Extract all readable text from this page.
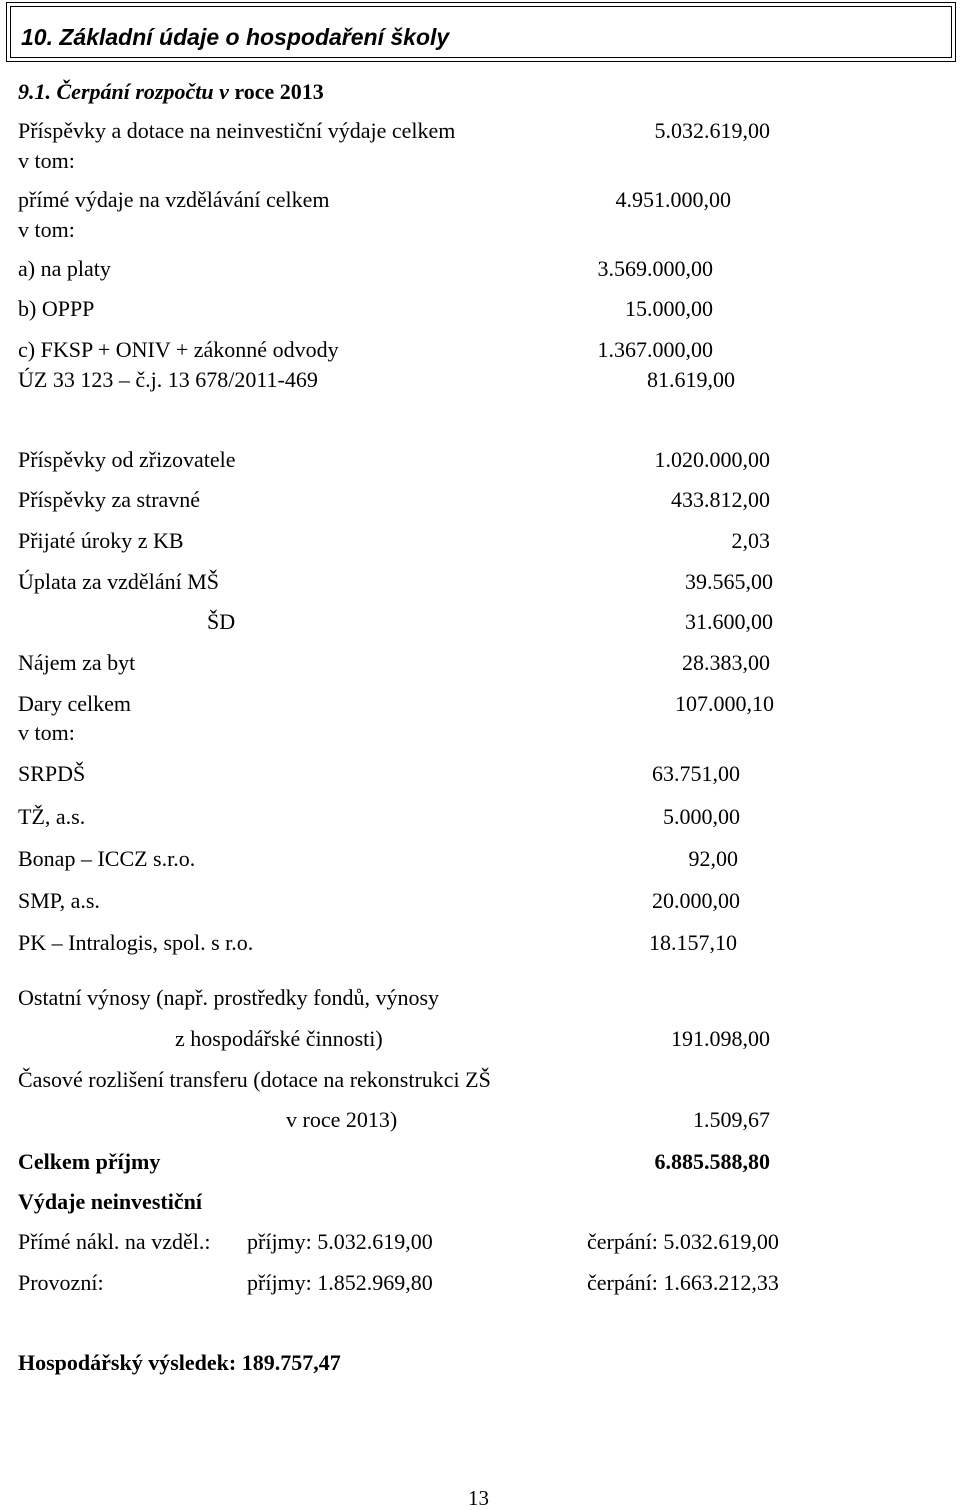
10. Základní údaje o hospodaření školy
9.1. Čerpání rozpočtu v roce 2013
Příspěvky a dotace na neinvestiční výdaje celkem	5.032.619,00
v tom:
přímé výdaje na vzdělávání celkem	4.951.000,00
v tom:
a) na platy	3.569.000,00
b) OPPP	15.000,00
c) FKSP + ONIV + zákonné odvody	1.367.000,00
ÚZ 33 123 – č.j. 13 678/2011-469	81.619,00
Příspěvky od zřizovatele	1.020.000,00
Příspěvky za stravné	433.812,00
Přijaté úroky z KB	2,03
Úplata za vzdělání MŠ	39.565,00
ŠD	31.600,00
Nájem za byt	28.383,00
Dary celkem	107.000,10
v tom:
SRPDŠ	63.751,00
TŽ, a.s.	5.000,00
Bonap – ICCZ s.r.o.	92,00
SMP, a.s.	20.000,00
PK – Intralogis, spol. s r.o.	18.157,10
Ostatní výnosy (např. prostředky fondů, výnosy
z hospodářské činnosti)	191.098,00
Časové rozlišení transferu (dotace na rekonstrukci ZŠ
v roce 2013)	1.509,67
Celkem příjmy	6.885.588,80
Výdaje neinvestiční
Přímé nákl. na vzděl.: příjmy: 5.032.619,00	čerpání: 5.032.619,00
Provozní:	příjmy: 1.852.969,80	čerpání: 1.663.212,33
Hospodářský výsledek: 189.757,47
13
